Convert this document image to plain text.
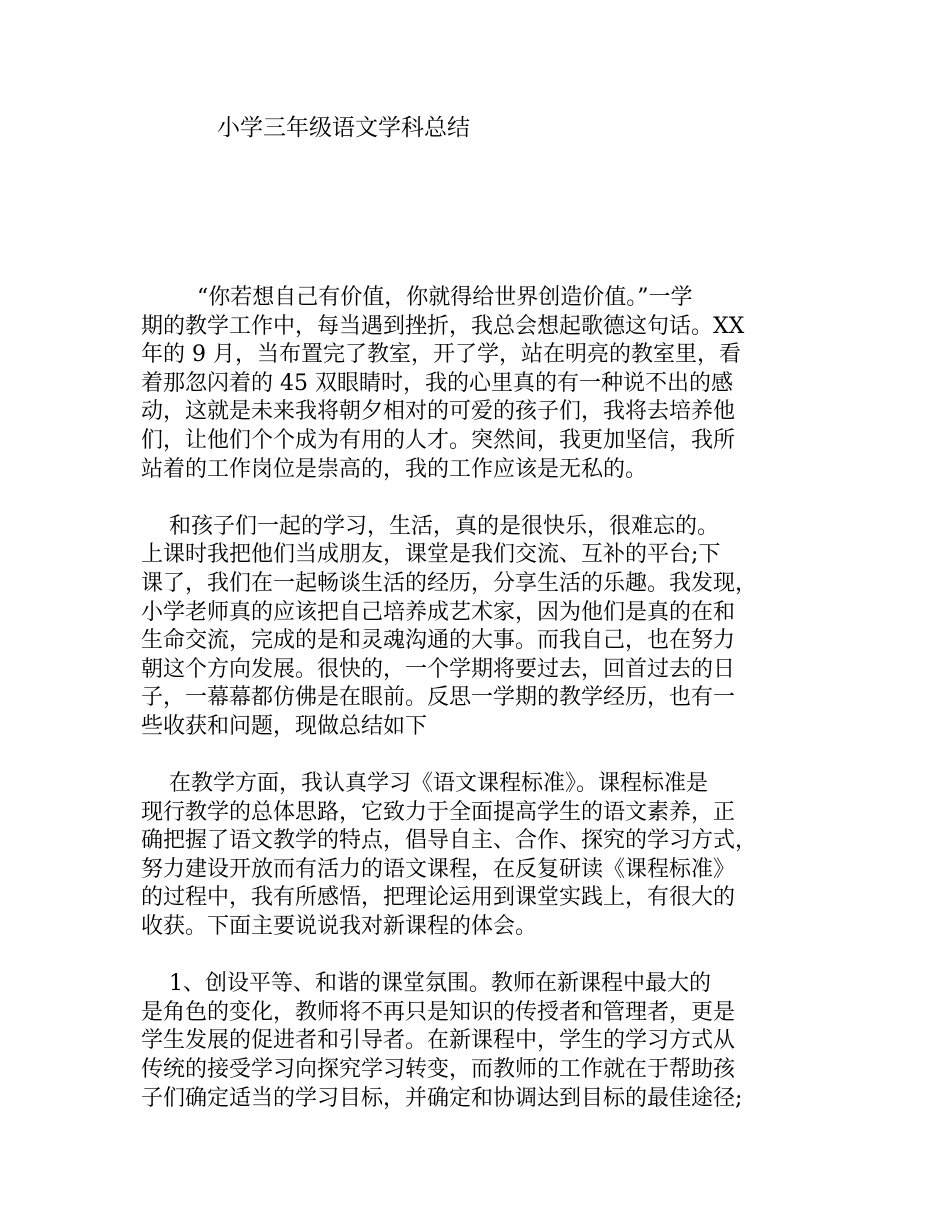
小学三年级语文学科总结

“你若想自己有价值，你就得给世界创造价值。”一学
期的教学工作中，每当遇到挫折，我总会想起歌德这句话。XX
年的 9 月，当布置完了教室，开了学，站在明亮的教室里，看
着那忽闪着的 45 双眼睛时，我的心里真的有一种说不出的感
动，这就是未来我将朝夕相对的可爱的孩子们，我将去培养他
们，让他们个个成为有用的人才。突然间，我更加坚信，我所
站着的工作岗位是崇高的，我的工作应该是无私的。

和孩子们一起的学习，生活，真的是很快乐，很难忘的。
上课时我把他们当成朋友，课堂是我们交流、互补的平台;下
课了，我们在一起畅谈生活的经历，分享生活的乐趣。我发现，
小学老师真的应该把自己培养成艺术家，因为他们是真的在和
生命交流，完成的是和灵魂沟通的大事。而我自己，也在努力
朝这个方向发展。很快的，一个学期将要过去，回首过去的日
子，一幕幕都仿佛是在眼前。反思一学期的教学经历，也有一
些收获和问题，现做总结如下

在教学方面，我认真学习《语文课程标准》。课程标准是
现行教学的总体思路，它致力于全面提高学生的语文素养，正
确把握了语文教学的特点，倡导自主、合作、探究的学习方式，
努力建设开放而有活力的语文课程，在反复研读《课程标准》
的过程中，我有所感悟，把理论运用到课堂实践上，有很大的
收获。下面主要说说我对新课程的体会。

1、创设平等、和谐的课堂氛围。教师在新课程中最大的
是角色的变化，教师将不再只是知识的传授者和管理者，更是
学生发展的促进者和引导者。在新课程中，学生的学习方式从
传统的接受学习向探究学习转变，而教师的工作就在于帮助孩
子们确定适当的学习目标，并确定和协调达到目标的最佳途径;
